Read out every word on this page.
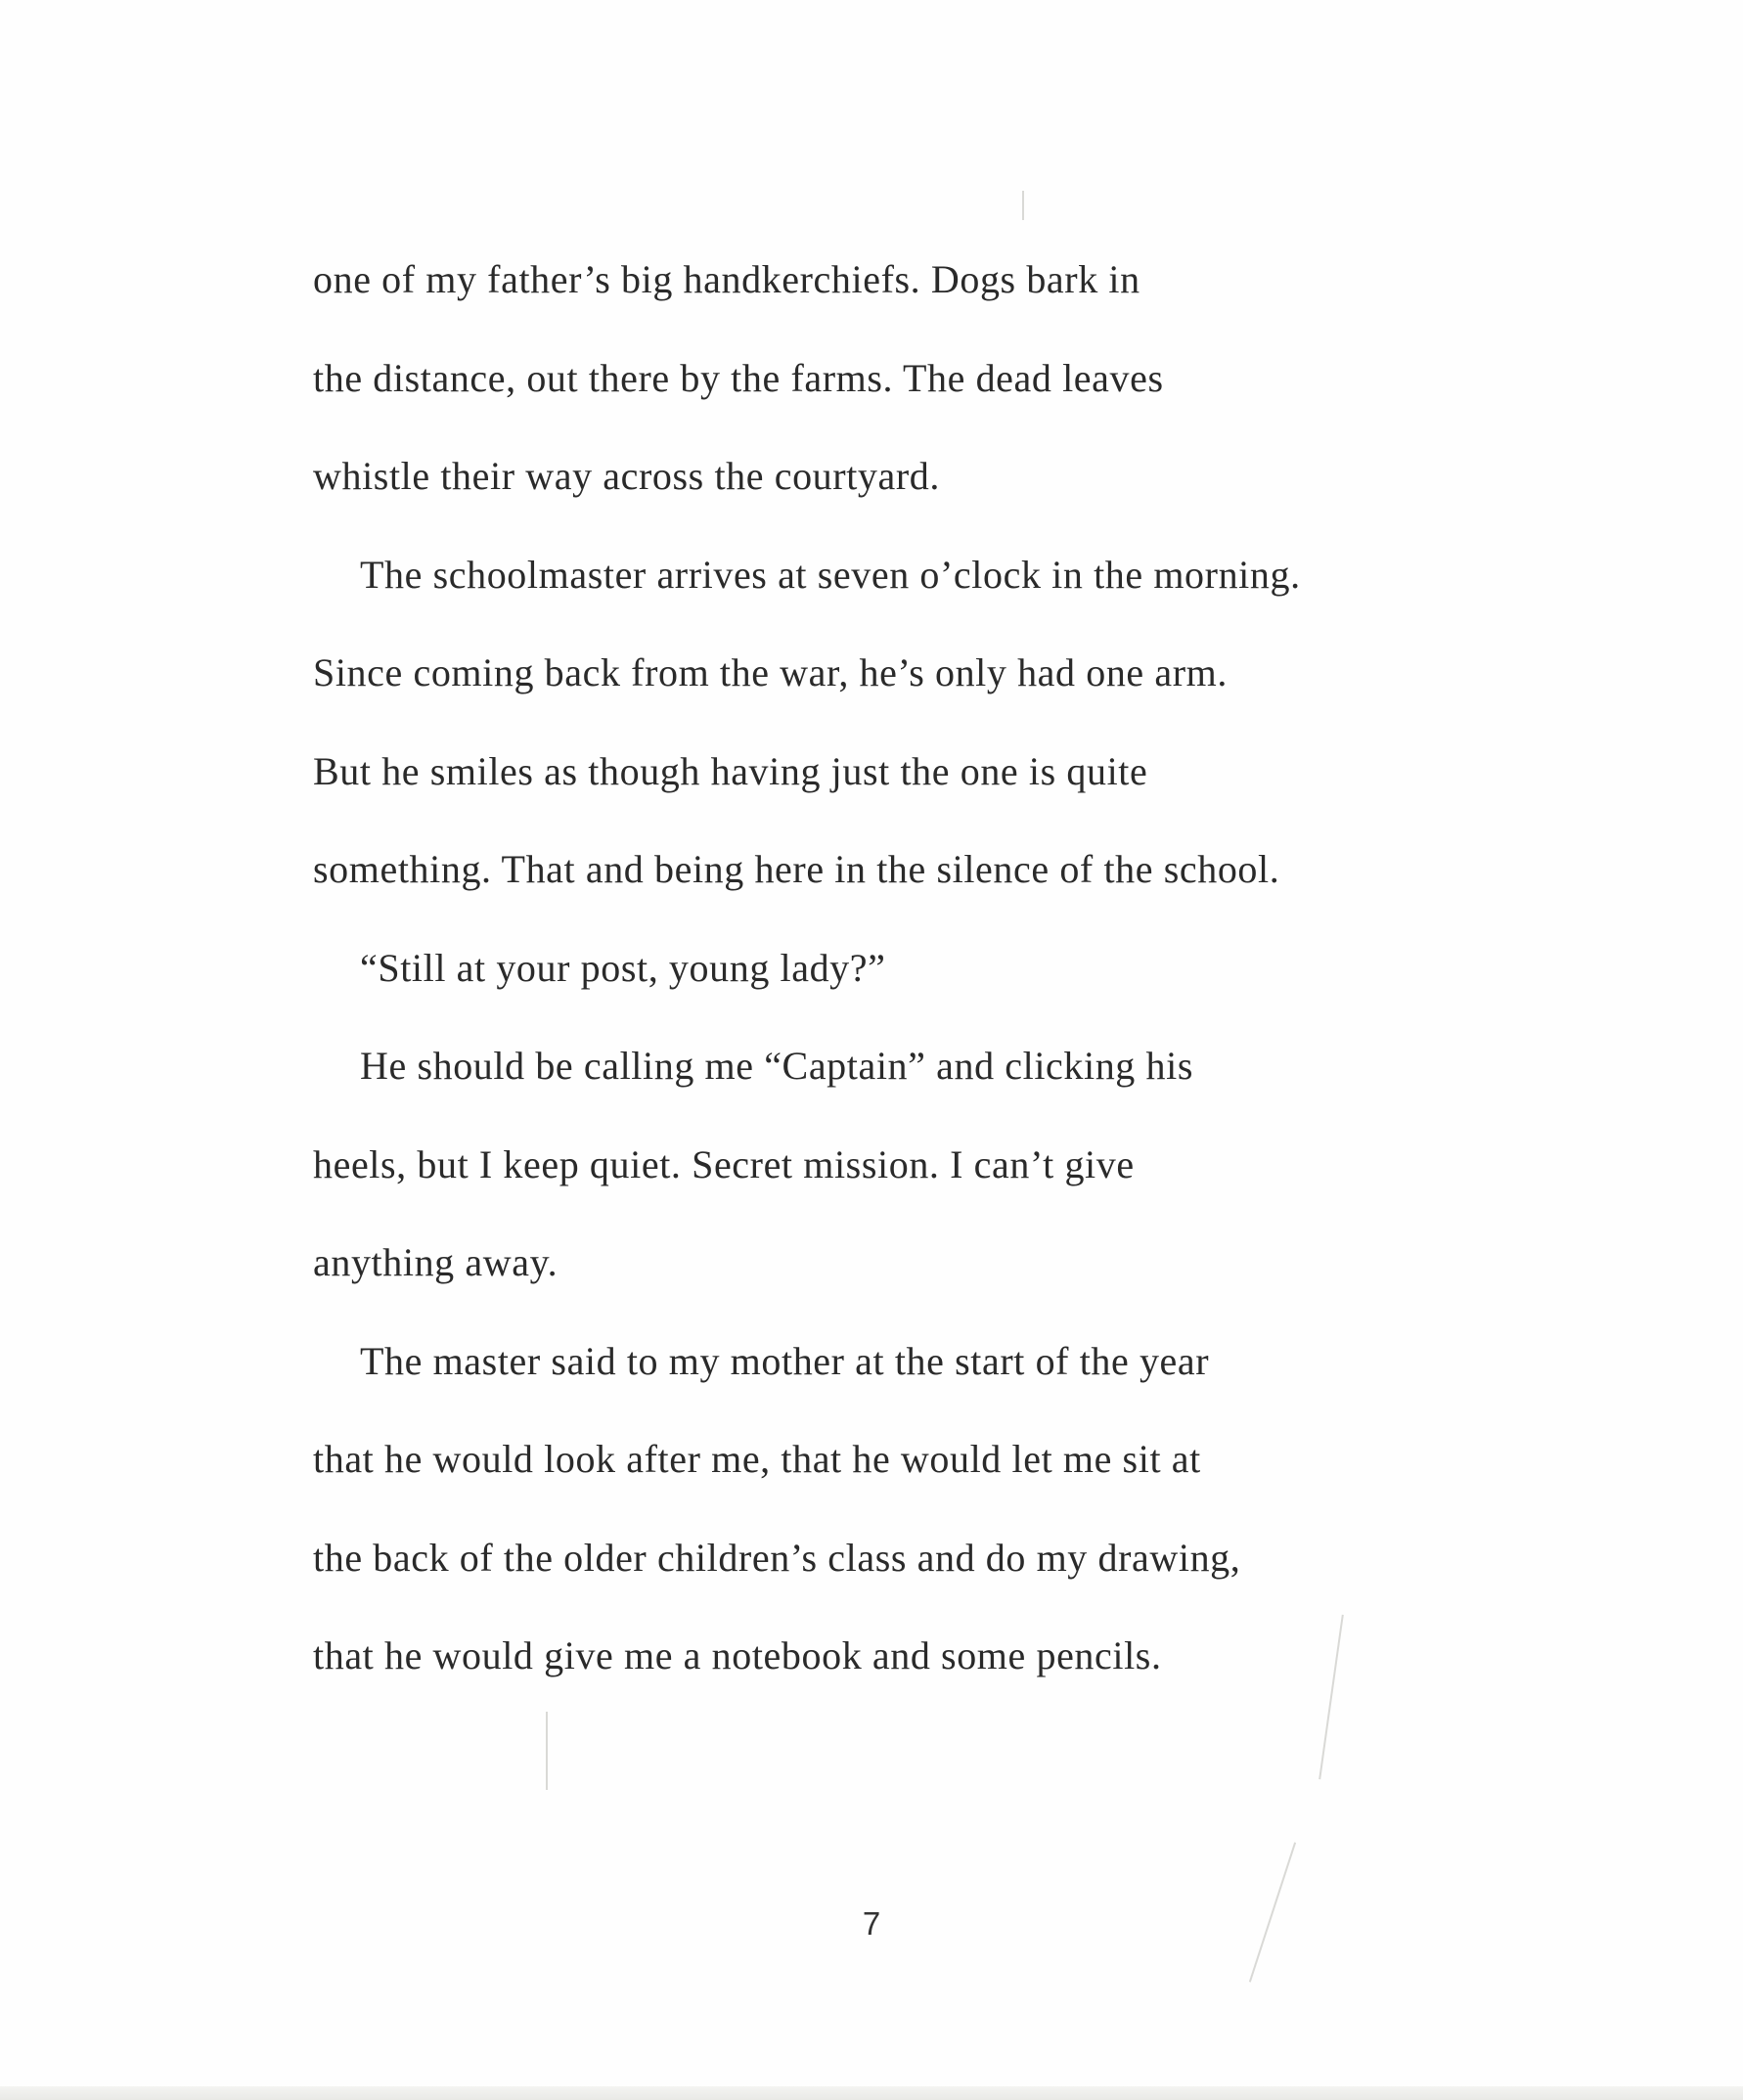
one of my father’s big handkerchiefs. Dogs bark in
the distance, out there by the farms. The dead leaves
whistle their way across the courtyard.
The schoolmaster arrives at seven o’clock in the morning.
Since coming back from the war, he’s only had one arm.
But he smiles as though having just the one is quite
something. That and being here in the silence of the school.
“Still at your post, young lady?”
He should be calling me “Captain” and clicking his
heels, but I keep quiet. Secret mission. I can’t give
anything away.
The master said to my mother at the start of the year
that he would look after me, that he would let me sit at
the back of the older children’s class and do my drawing,
that he would give me a notebook and some pencils.
7
